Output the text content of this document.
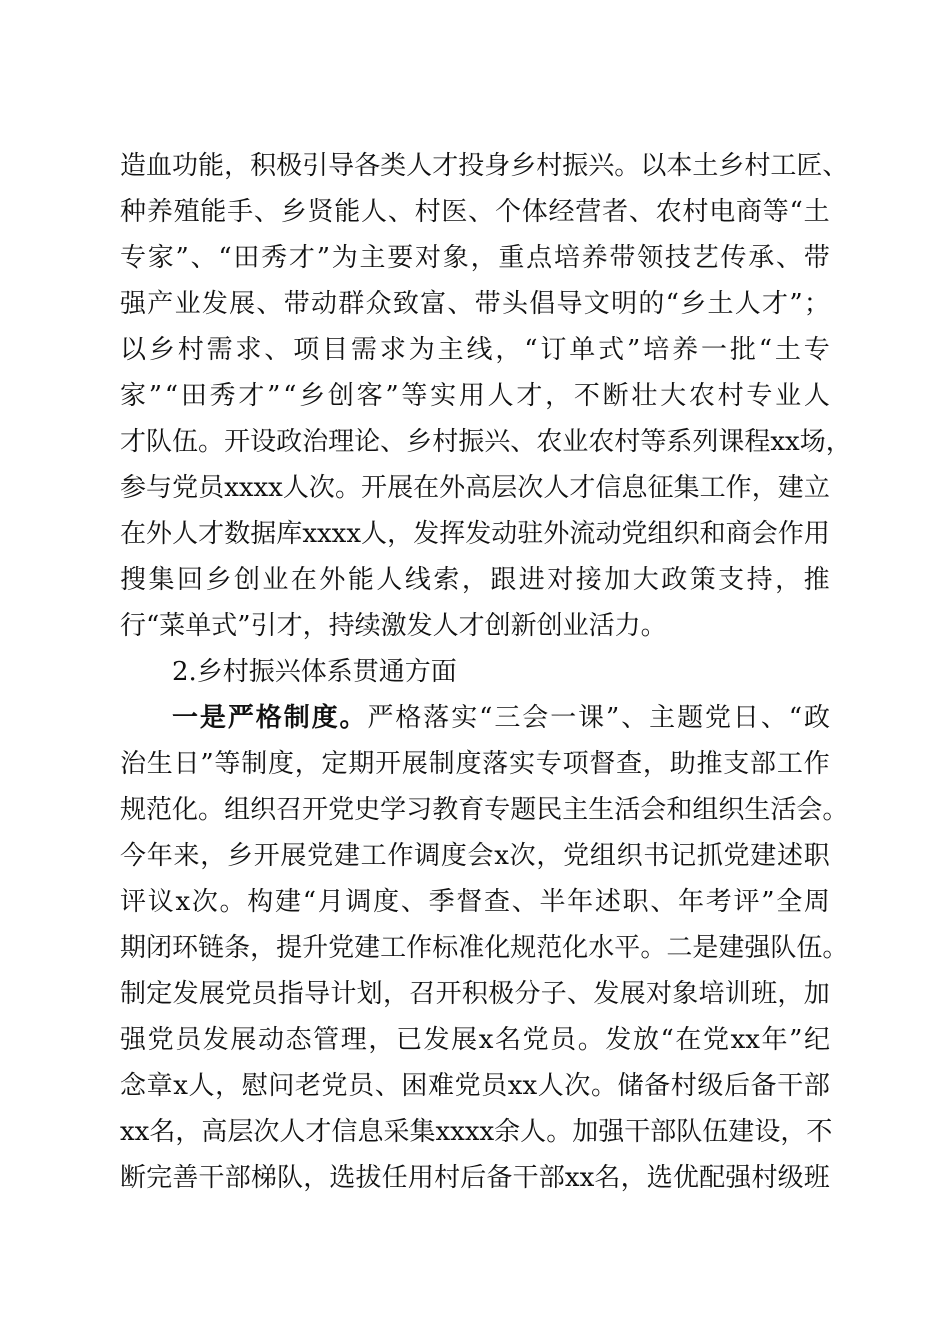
造 血 功 能 ， 积 极 引 导 各 类 人 才 投 身 乡 村 振 兴 。 以 本 土 乡 村 工 匠 、
种 养 殖 能 手 、 乡 贤 能 人 、 村 医 、 个 体 经 营 者 、 农 村 电 商 等 “ 土
专 家 ” 、 “ 田 秀 才 ” 为 主 要 对 象 ， 重 点 培 养 带 领 技 艺 传 承 、 带
强 产 业 发 展 、 带 动 群 众 致 富 、 带 头 倡 导 文 明 的 “ 乡 土 人 才 ” ；
以 乡 村 需 求 、 项 目 需 求 为 主 线 ， “ 订 单 式 ” 培 养 一 批 “ 土 专
家 ” “ 田 秀 才 ” “ 乡 创 客 ” 等 实 用 人 才 ， 不 断 壮 大 农 村 专 业 人
才 队 伍 。 开 设 政 治 理 论 、 乡 村 振 兴 、 农 业 农 村 等 系 列 课 程 xx 场 ，
参 与 党 员 xxxx 人 次 。 开 展 在 外 高 层 次 人 才 信 息 征 集 工 作 ， 建 立
在 外 人 才 数 据 库 xxxx 人 ， 发 挥 发 动 驻 外 流 动 党 组 织 和 商 会 作 用
搜 集 回 乡 创 业 在 外 能 人 线 索 ， 跟 进 对 接 加 大 政 策 支 持 ， 推
行“菜单式”引才，持续激发人才创新创业活力。
2.乡村振兴体系贯通方面
一 是 严 格 制 度 。 严 格 落 实 “ 三 会 一 课 ” 、 主 题 党 日 、 “ 政
治 生 日 ” 等 制 度 ， 定 期 开 展 制 度 落 实 专 项 督 查 ， 助 推 支 部 工 作
规 范 化 。 组 织 召 开 党 史 学 习 教 育 专 题 民 主 生 活 会 和 组 织 生 活 会 。
今 年 来 ， 乡 开 展 党 建 工 作 调 度 会 x 次 ， 党 组 织 书 记 抓 党 建 述 职
评 议 x 次 。 构 建 “ 月 调 度 、 季 督 查 、 半 年 述 职 、 年 考 评 ” 全 周
期 闭 环 链 条 ， 提 升 党 建 工 作 标 准 化 规 范 化 水 平 。 二 是 建 强 队 伍 。
制 定 发 展 党 员 指 导 计 划 ， 召 开 积 极 分 子 、 发 展 对 象 培 训 班 ， 加
强 党 员 发 展 动 态 管 理 ， 已 发 展 x 名 党 员 。 发 放 “ 在 党 xx 年 ” 纪
念 章 x 人 ， 慰 问 老 党 员 、 困 难 党 员 xx 人 次 。 储 备 村 级 后 备 干 部
xx 名 ， 高 层 次 人 才 信 息 采 集 xxxx 余 人 。 加 强 干 部 队 伍 建 设 ， 不
断 完 善 干 部 梯 队 ， 选 拔 任 用 村 后 备 干 部 xx 名 ， 选 优 配 强 村 级 班
